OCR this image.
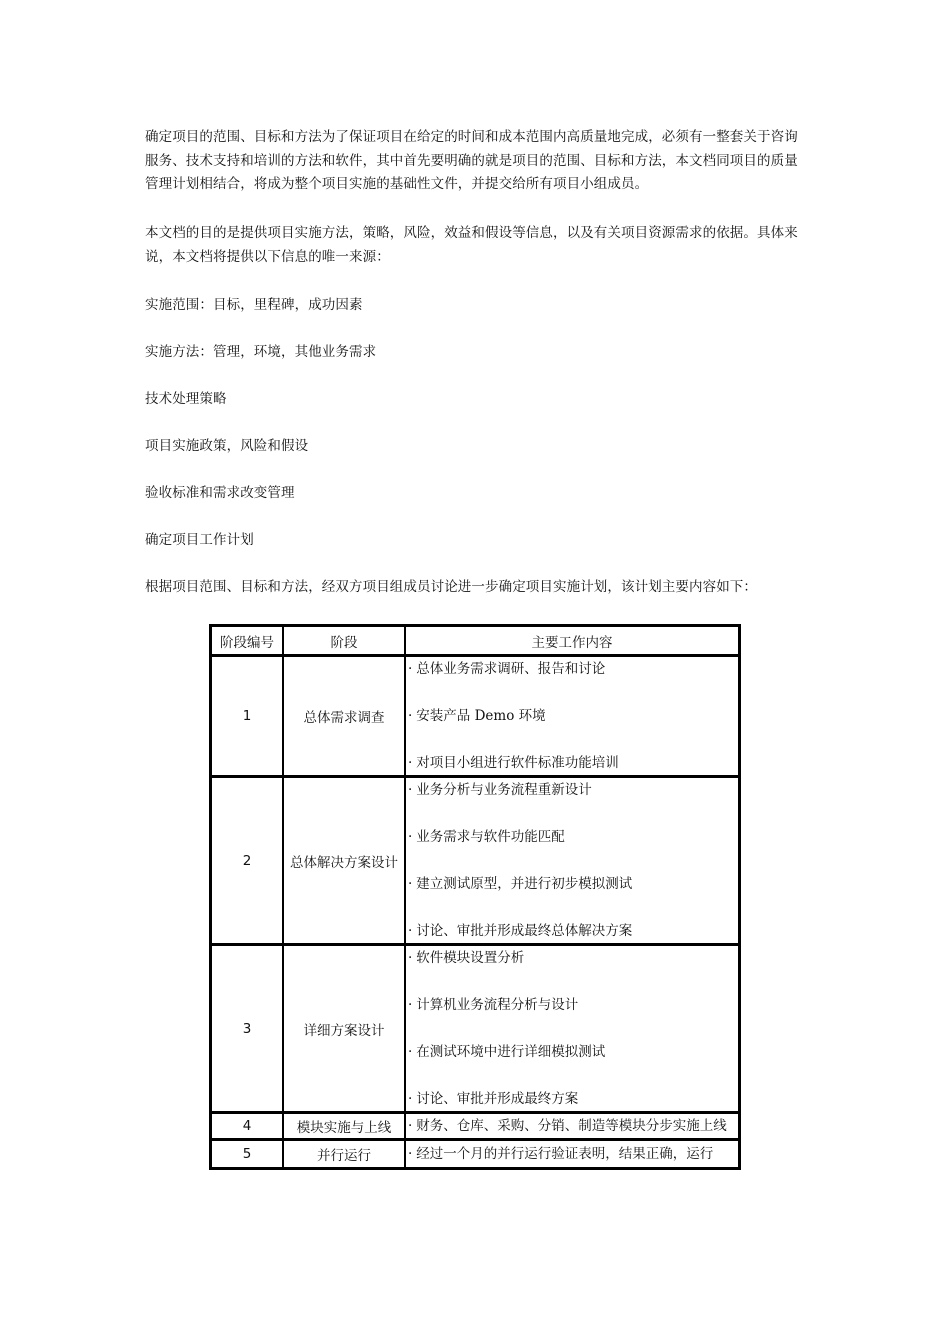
确定项目的范围、目标和方法为了保证项目在给定的时间和成本范围内高质量地完成，必须有一整套关于咨询服务、技术支持和培训的方法和软件，其中首先要明确的就是项目的范围、目标和方法，本文档同项目的质量管理计划相结合，将成为整个项目实施的基础性文件，并提交给所有项目小组成员。

本文档的目的是提供项目实施方法，策略，风险，效益和假设等信息，以及有关项目资源需求的依据。具体来说，本文档将提供以下信息的唯一来源：

实施范围：目标，里程碑，成功因素

实施方法：管理，环境，其他业务需求

技术处理策略

项目实施政策，风险和假设

验收标准和需求改变管理

确定项目工作计划

根据项目范围、目标和方法，经双方项目组成员讨论进一步确定项目实施计划，该计划主要内容如下：

阶段编号	阶段	主要工作内容
1	总体需求调查	· 总体业务需求调研、报告和讨论

· 安装产品 Demo 环境

· 对项目小组进行软件标准功能培训

2	总体解决方案设计	· 业务分析与业务流程重新设计

· 业务需求与软件功能匹配

· 建立测试原型，并进行初步模拟测试

· 讨论、审批并形成最终总体解决方案

3	详细方案设计	· 软件模块设置分析

· 计算机业务流程分析与设计

· 在测试环境中进行详细模拟测试

· 讨论、审批并形成最终方案

4	模块实施与上线	· 财务、仓库、采购、分销、制造等模块分步实施上线

5	并行运行	· 经过一个月的并行运行验证表明，结果正确，运行
